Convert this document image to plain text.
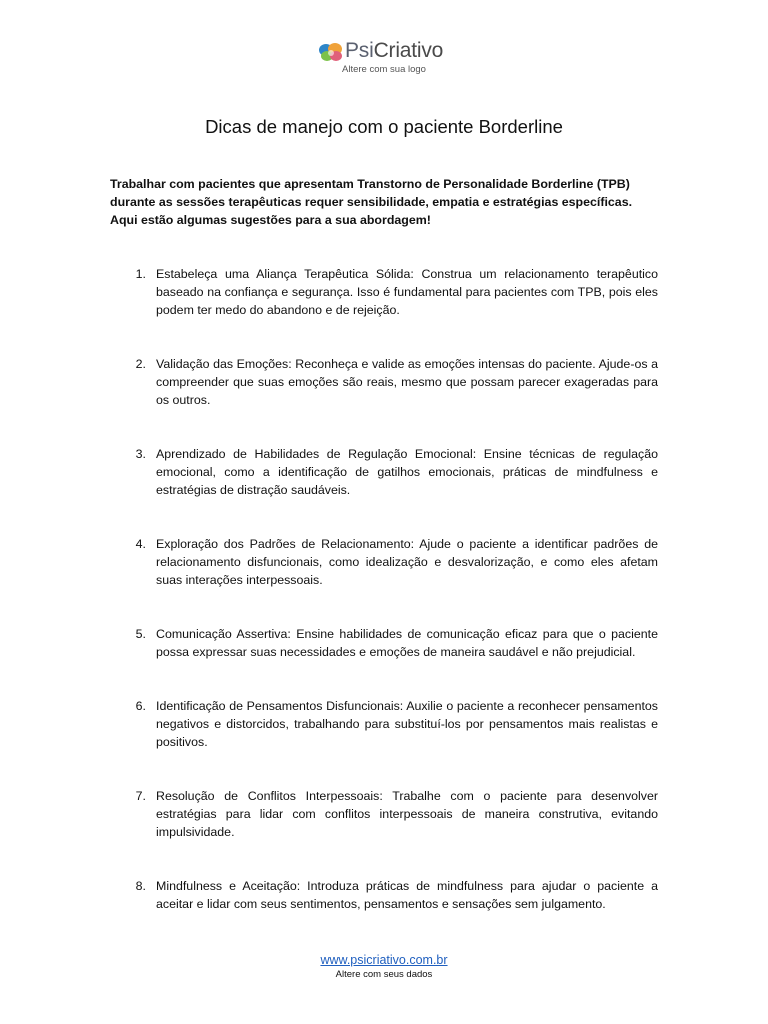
PsiCriativo
Altere com sua logo
Dicas de manejo com o paciente Borderline

Trabalhar com pacientes que apresentam Transtorno de Personalidade Borderline (TPB) durante as sessões terapêuticas requer sensibilidade, empatia e estratégias específicas. Aqui estão algumas sugestões para a sua abordagem!

1. Estabeleça uma Aliança Terapêutica Sólida: Construa um relacionamento terapêutico baseado na confiança e segurança. Isso é fundamental para pacientes com TPB, pois eles podem ter medo do abandono e de rejeição.
2. Validação das Emoções: Reconheça e valide as emoções intensas do paciente. Ajude-os a compreender que suas emoções são reais, mesmo que possam parecer exageradas para os outros.
3. Aprendizado de Habilidades de Regulação Emocional: Ensine técnicas de regulação emocional, como a identificação de gatilhos emocionais, práticas de mindfulness e estratégias de distração saudáveis.
4. Exploração dos Padrões de Relacionamento: Ajude o paciente a identificar padrões de relacionamento disfuncionais, como idealização e desvalorização, e como eles afetam suas interações interpessoais.
5. Comunicação Assertiva: Ensine habilidades de comunicação eficaz para que o paciente possa expressar suas necessidades e emoções de maneira saudável e não prejudicial.
6. Identificação de Pensamentos Disfuncionais: Auxilie o paciente a reconhecer pensamentos negativos e distorcidos, trabalhando para substituí-los por pensamentos mais realistas e positivos.
7. Resolução de Conflitos Interpessoais: Trabalhe com o paciente para desenvolver estratégias para lidar com conflitos interpessoais de maneira construtiva, evitando impulsividade.
8. Mindfulness e Aceitação: Introduza práticas de mindfulness para ajudar o paciente a aceitar e lidar com seus sentimentos, pensamentos e sensações sem julgamento.
www.psicriativo.com.br
Altere com seus dados
